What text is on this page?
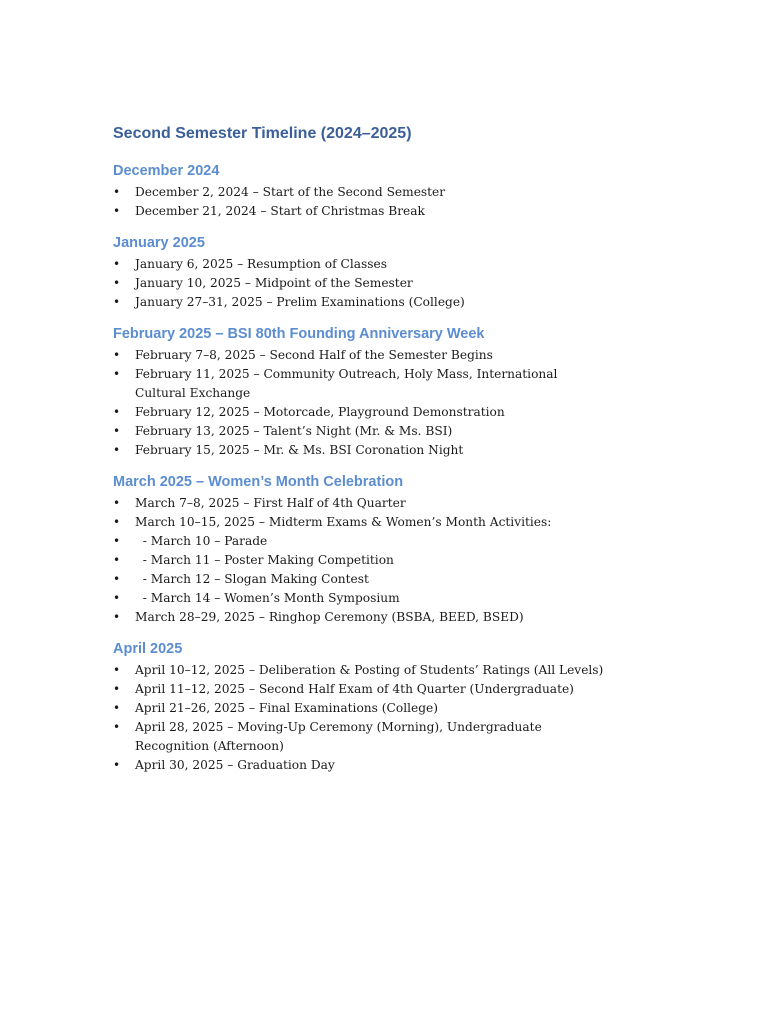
Second Semester Timeline (2024–2025)
December 2024
• December 2, 2024 – Start of the Second Semester
• December 21, 2024 – Start of Christmas Break
January 2025
• January 6, 2025 – Resumption of Classes
• January 10, 2025 – Midpoint of the Semester
• January 27–31, 2025 – Prelim Examinations (College)
February 2025 – BSI 80th Founding Anniversary Week
• February 7–8, 2025 – Second Half of the Semester Begins
• February 11, 2025 – Community Outreach, Holy Mass, International Cultural Exchange
• February 12, 2025 – Motorcade, Playground Demonstration
• February 13, 2025 – Talent’s Night (Mr. & Ms. BSI)
• February 15, 2025 – Mr. & Ms. BSI Coronation Night
March 2025 – Women’s Month Celebration
• March 7–8, 2025 – First Half of 4th Quarter
• March 10–15, 2025 – Midterm Exams & Women’s Month Activities:
• - March 10 – Parade
• - March 11 – Poster Making Competition
• - March 12 – Slogan Making Contest
• - March 14 – Women’s Month Symposium
• March 28–29, 2025 – Ringhop Ceremony (BSBA, BEED, BSED)
April 2025
• April 10–12, 2025 – Deliberation & Posting of Students’ Ratings (All Levels)
• April 11–12, 2025 – Second Half Exam of 4th Quarter (Undergraduate)
• April 21–26, 2025 – Final Examinations (College)
• April 28, 2025 – Moving-Up Ceremony (Morning), Undergraduate Recognition (Afternoon)
• April 30, 2025 – Graduation Day
